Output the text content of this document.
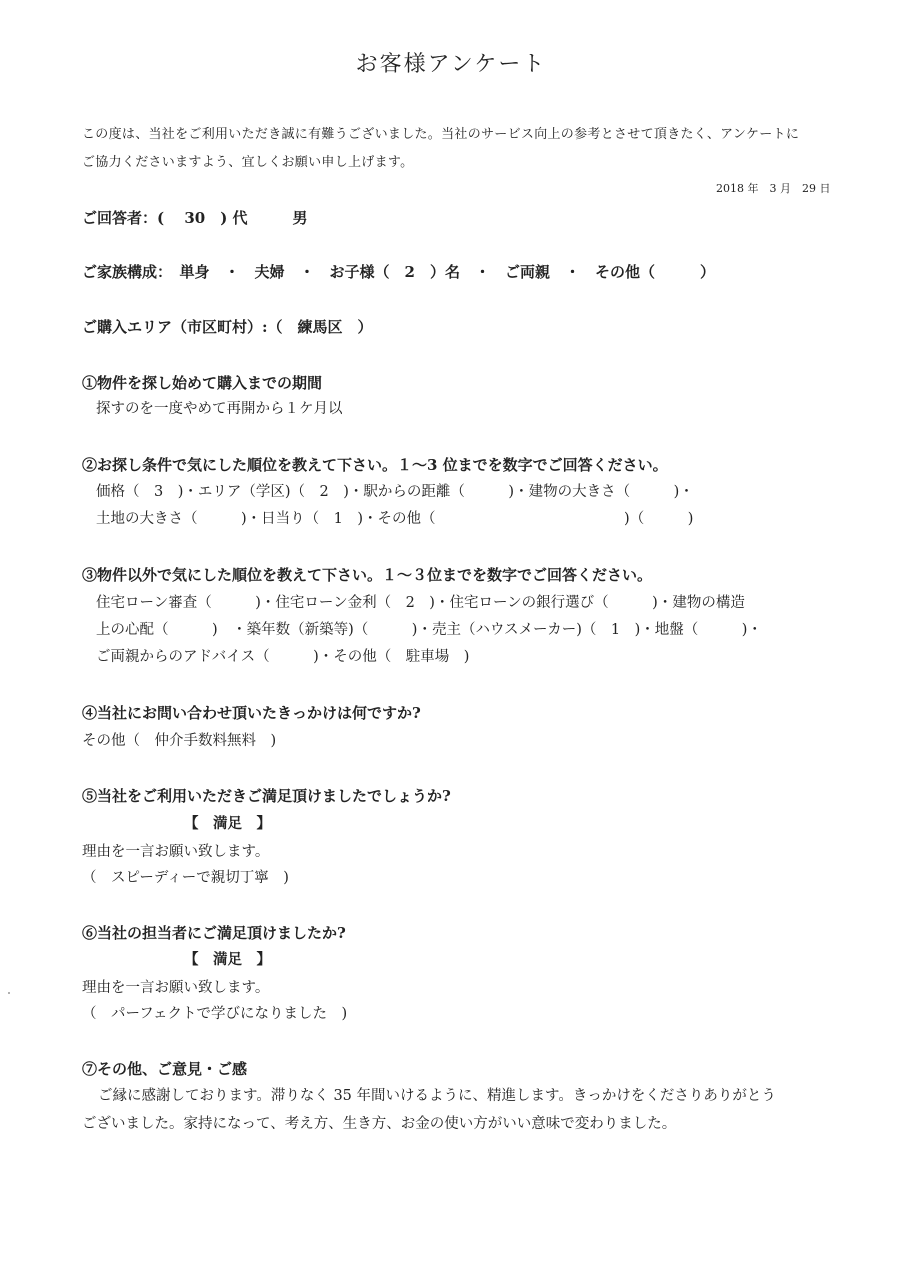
お客様アンケート
この度は、当社をご利用いただき誠に有難うございました。当社のサービス向上の参考とさせて頂きたく、アンケートに
ご協力くださいますよう、宜しくお願い申し上げます。
2018 年　3 月　29 日
ご回答者：(　 30　) 代　　　男
ご家族構成：　単身　・　夫婦　・　お子様（　2　）名　・　ご両親　・　その他（　　　）
ご購入エリア（市区町村）:（　練馬区　）
①物件を探し始めて購入までの期間
探すのを一度やめて再開から１ケ月以
②お探し条件で気にした順位を教えて下さい。１～3 位までを数字でご回答ください。
価格（　3　)・エリア（学区)（　2　)・駅からの距離（　　　)・建物の大きさ（　　　)・
土地の大きさ（　　　)・日当り（　1　)・その他（　　　　　　　　　　　　　)（　　　)
③物件以外で気にした順位を教えて下さい。１～３位までを数字でご回答ください。
住宅ローン審査（　　　)・住宅ローン金利（　2　)・住宅ローンの銀行選び（　　　)・建物の構造
上の心配（　　　)　・築年数（新築等)（　　　)・売主（ハウスメーカー)（　1　)・地盤（　　　)・
ご両親からのアドバイス（　　　)・その他（　駐車場　)
④当社にお問い合わせ頂いたきっかけは何ですか?
その他（　仲介手数料無料　)
⑤当社をご利用いただきご満足頂けましたでしょうか?
【　満足　】
理由を一言お願い致します。
（　スピーディーで親切丁寧　)
⑥当社の担当者にご満足頂けましたか?
【　満足　】
理由を一言お願い致します。
（　パーフェクトで学びになりました　)
⑦その他、ご意見・ご感
ご縁に感謝しております。滞りなく 35 年間いけるように、精進します。きっかけをくださりありがとう
ございました。家持になって、考え方、生き方、お金の使い方がいい意味で変わりました。
